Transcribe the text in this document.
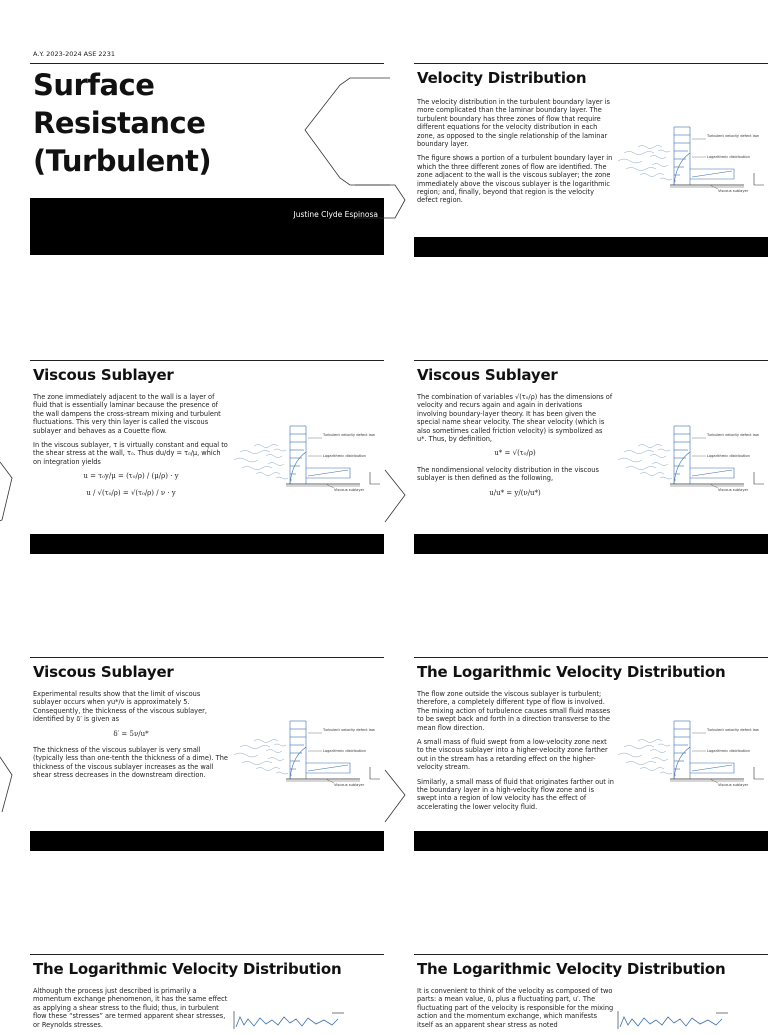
A.Y. 2023-2024 ASE 2231
Surface
Resistance
(Turbulent)
Justine Clyde Espinosa
Velocity Distribution

The velocity distribution in the turbulent boundary layer is more complicated than the laminar boundary layer. The turbulent boundary has three zones of flow that require different equations for the velocity distribution in each zone, as opposed to the single relationship of the laminar boundary layer.

The figure shows a portion of a turbulent boundary layer in which the three different zones of flow are identified. The zone adjacent to the wall is the viscous sublayer; the zone immediately above the viscous sublayer is the logarithmic region; and, finally, beyond that region is the velocity defect region.

Turbulent velocity defect law
Logarithmic distribution
Viscous sublayer
Viscous Sublayer

The zone immediately adjacent to the wall is a layer of fluid that is essentially laminar because the presence of the wall dampens the cross-stream mixing and turbulent fluctuations. This very thin layer is called the viscous sublayer and behaves as a Couette flow.

In the viscous sublayer, τ is virtually constant and equal to the shear stress at the wall, τ₀. Thus du/dy = τ₀/μ, which on integration yields

u = τ₀y/μ = (τ₀/ρ) / (μ/ρ) · y
u / √(τ₀/ρ) = √(τ₀/ρ) / ν · y
Turbulent velocity defect law
Logarithmic distribution
Viscous sublayer
Viscous Sublayer

The combination of variables √(τ₀/ρ) has the dimensions of velocity and recurs again and again in derivations involving boundary-layer theory. It has been given the special name shear velocity. The shear velocity (which is also sometimes called friction velocity) is symbolized as u*. Thus, by definition,

u* = √(τ₀/ρ)

The nondimensional velocity distribution in the viscous sublayer is then defined as the following,

u/u* = y/(ν/u*)
Turbulent velocity defect law
Logarithmic distribution
Viscous sublayer
Viscous Sublayer

Experimental results show that the limit of viscous sublayer occurs when yu*/ν is approximately 5. Consequently, the thickness of the viscous sublayer, identified by δ′ is given as

δ′ = 5ν/u*

The thickness of the viscous sublayer is very small (typically less than one-tenth the thickness of a dime). The thickness of the viscous sublayer increases as the wall shear stress decreases in the downstream direction.

Turbulent velocity defect law
Logarithmic distribution
Viscous sublayer
The Logarithmic Velocity Distribution

The flow zone outside the viscous sublayer is turbulent; therefore, a completely different type of flow is involved. The mixing action of turbulence causes small fluid masses to be swept back and forth in a direction transverse to the mean flow direction.

A small mass of fluid swept from a low-velocity zone next to the viscous sublayer into a higher-velocity zone farther out in the stream has a retarding effect on the higher-velocity stream.

Similarly, a small mass of fluid that originates farther out in the boundary layer in a high-velocity flow zone and is swept into a region of low velocity has the effect of accelerating the lower velocity fluid.

Turbulent velocity defect law
Logarithmic distribution
Viscous sublayer
The Logarithmic Velocity Distribution

Although the process just described is primarily a momentum exchange phenomenon, it has the same effect as applying a shear stress to the fluid; thus, in turbulent flow these “stresses” are termed apparent shear stresses, or Reynolds stresses.

The Logarithmic Velocity Distribution

It is convenient to think of the velocity as composed of two parts: a mean value, ū, plus a fluctuating part, u′. The fluctuating part of the velocity is responsible for the mixing action and the momentum exchange, which manifests itself as an apparent shear stress as noted
